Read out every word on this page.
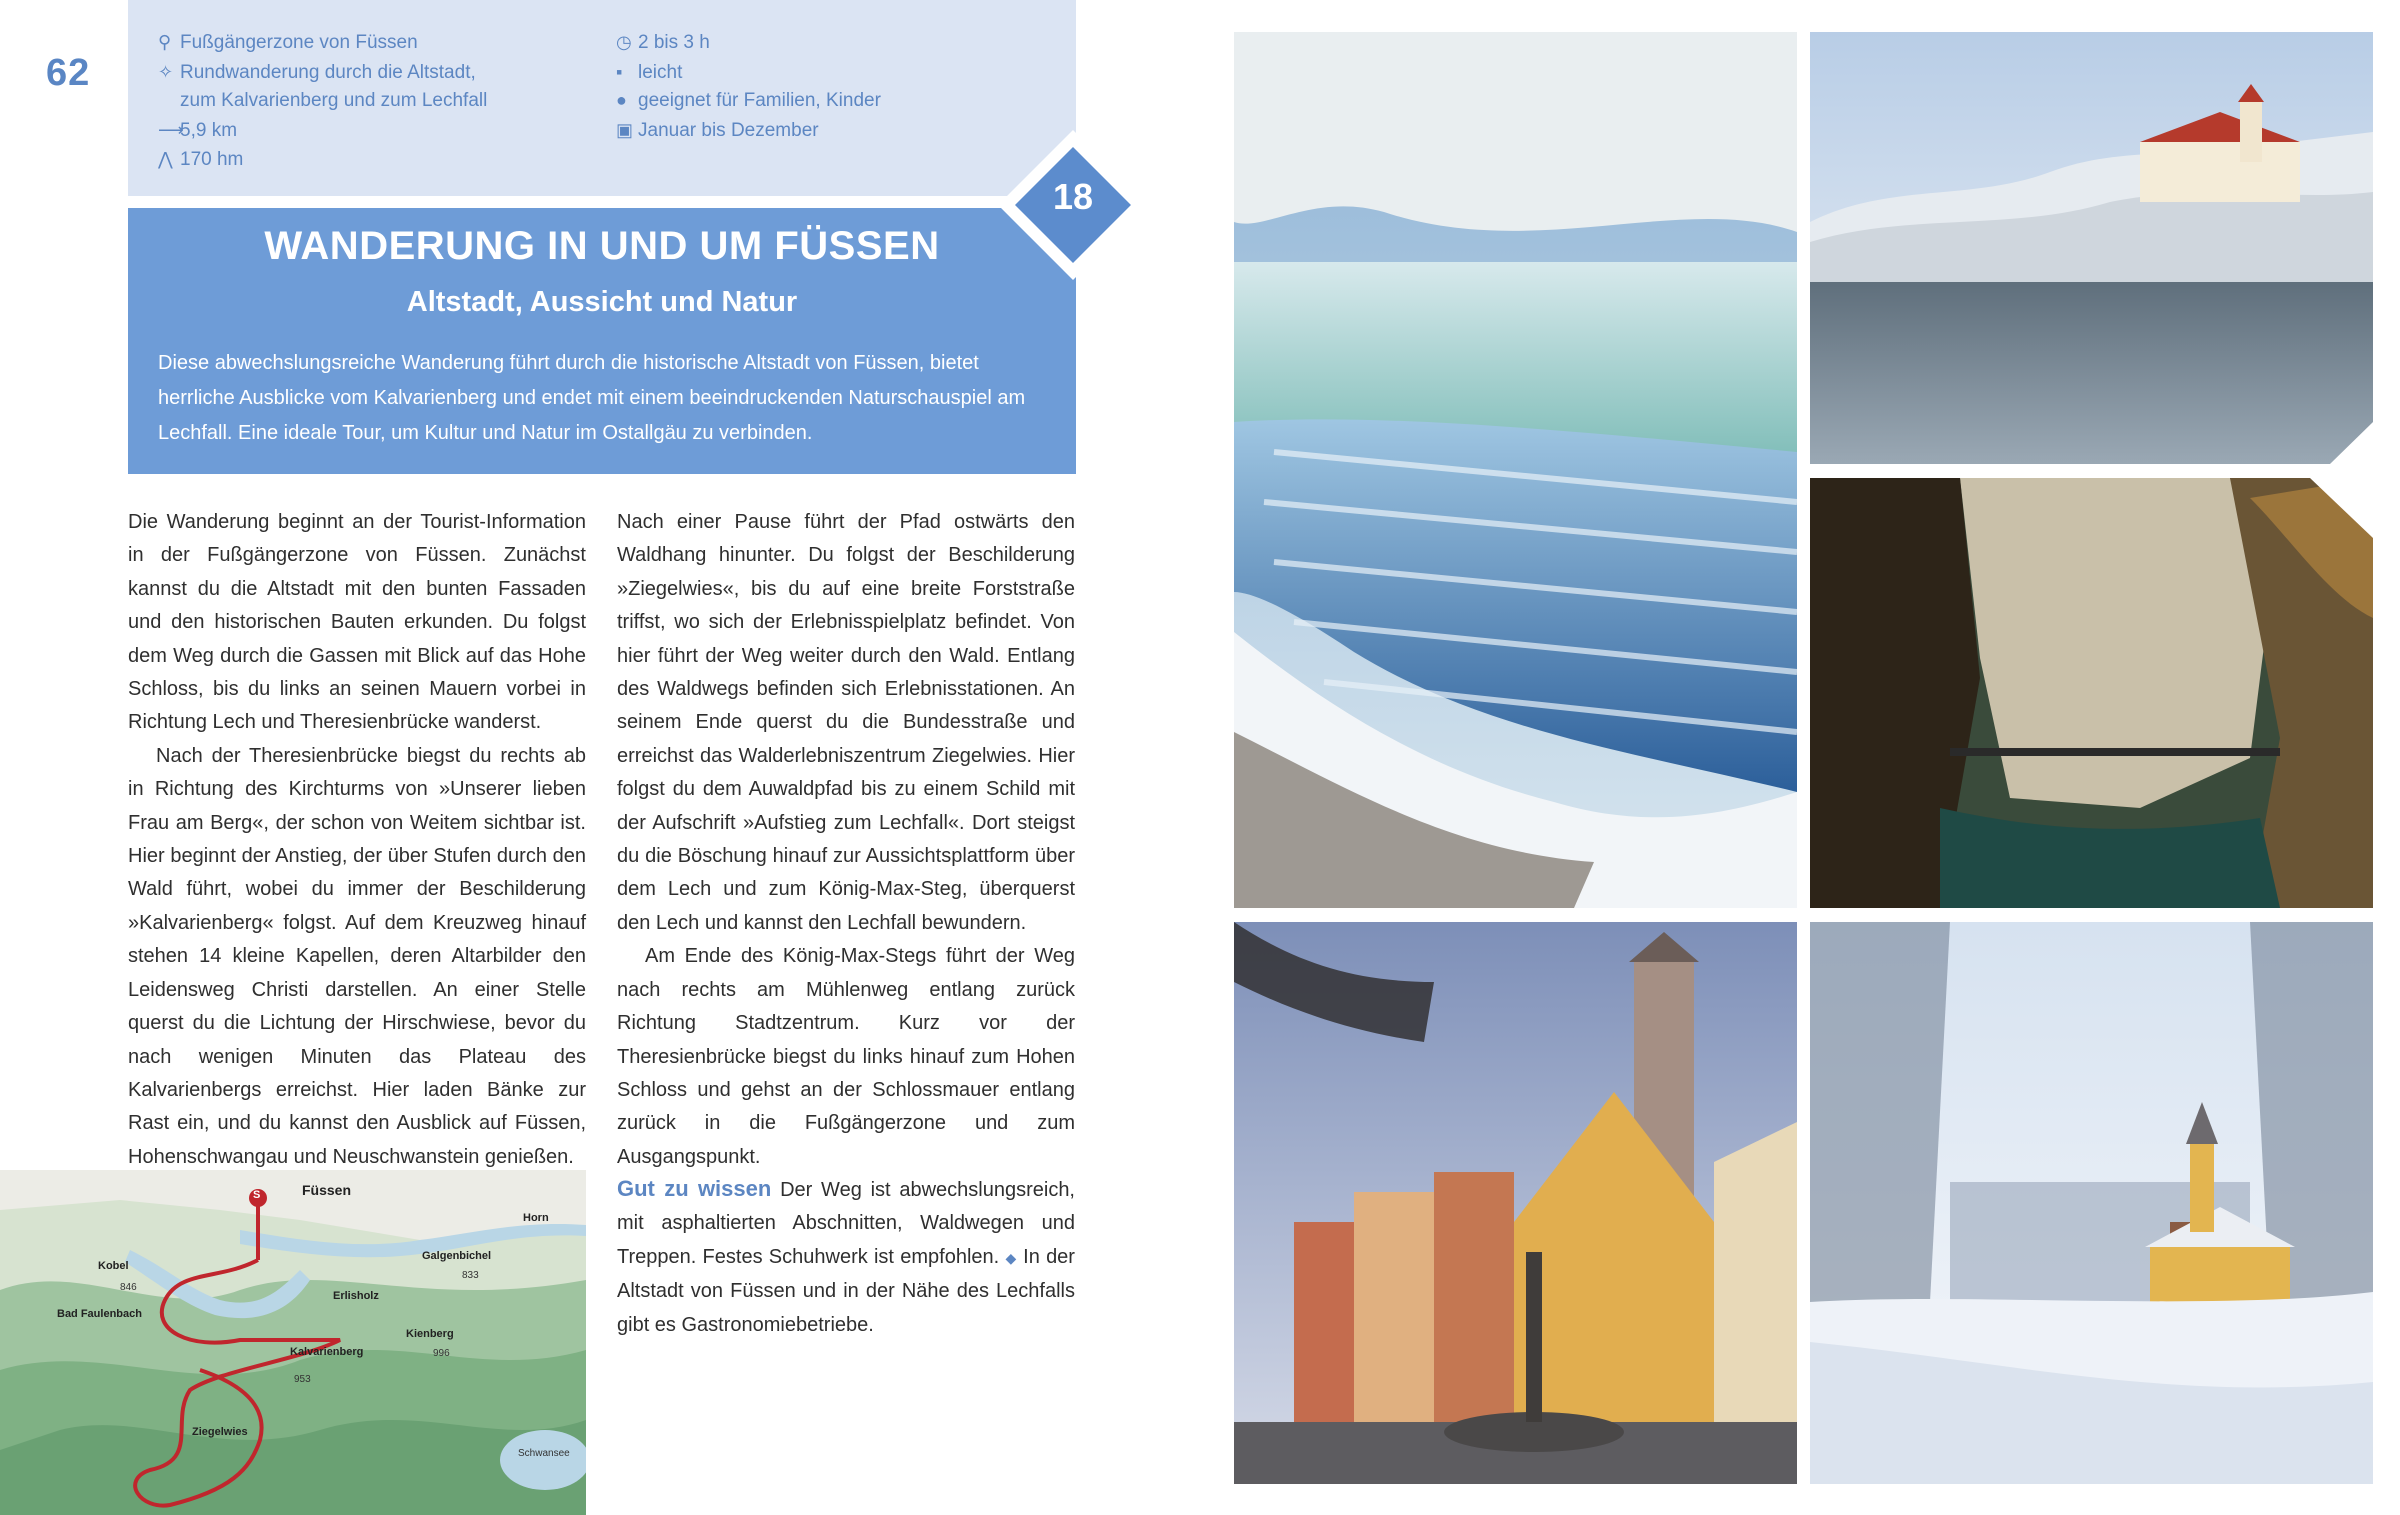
62
⚲ Fußgängerzone von Füssen
✧ Rundwanderung durch die Altstadt,
zum Kalvarienberg und zum Lechfall
⟶5,9 km
⋀ 170 hm
◷ 2 bis 3 h
▪ leicht
● geeignet für Familien, Kinder
▣ Januar bis Dezember
WANDERUNG IN UND UM FÜSSEN
Altstadt, Aussicht und Natur
Diese abwechslungsreiche Wanderung führt durch die historische Altstadt von Füssen, bietet herrliche Ausblicke vom Kalvarienberg und endet mit einem beeindruckenden Naturschauspiel am Lechfall. Eine ideale Tour, um Kultur und Natur im Ostallgäu zu verbinden.
18

Die Wanderung beginnt an der Tourist-Information in der Fußgängerzone von Füssen. Zunächst kannst du die Altstadt mit den bunten Fassaden und den historischen Bauten erkunden. Du folgst dem Weg durch die Gassen mit Blick auf das Hohe Schloss, bis du links an seinen Mauern vorbei in Richtung Lech und Theresienbrücke wanderst.

Nach der Theresienbrücke biegst du rechts ab in Richtung des Kirchturms von »Unserer lieben Frau am Berg«, der schon von Weitem sichtbar ist. Hier beginnt der Anstieg, der über Stufen durch den Wald führt, wobei du immer der Beschilderung »Kalvarienberg« folgst. Auf dem Kreuzweg hinauf stehen 14 kleine Kapellen, deren Altarbilder den Leidensweg Christi darstellen. An einer Stelle querst du die Lichtung der Hirschwiese, bevor du nach wenigen Minuten das Plateau des Kalvarienbergs erreichst. Hier laden Bänke zur Rast ein, und du kannst den Ausblick auf Füssen, Hohenschwangau und Neuschwanstein genießen.

Nach einer Pause führt der Pfad ostwärts den Waldhang hinunter. Du folgst der Beschilderung »Ziegelwies«, bis du auf eine breite Forststraße triffst, wo sich der Erlebnisspielplatz befindet. Von hier führt der Weg weiter durch den Wald. Entlang des Waldwegs befinden sich Erlebnisstationen. An seinem Ende querst du die Bundesstraße und erreichst das Walderlebniszentrum Ziegelwies. Hier folgst du dem Auwaldpfad bis zu einem Schild mit der Aufschrift »Aufstieg zum Lechfall«. Dort steigst du die Böschung hinauf zur Aussichtsplattform über dem Lech und zum König-Max-Steg, überquerst den Lech und kannst den Lechfall bewundern.

Am Ende des König-Max-Stegs führt der Weg nach rechts am Mühlenweg entlang zurück Richtung Stadtzentrum. Kurz vor der Theresienbrücke biegst du links hinauf zum Hohen Schloss und gehst an der Schlossmauer entlang zurück in die Fußgängerzone und zum Ausgangspunkt.

Gut zu wissen Der Weg ist abwechslungsreich, mit asphaltierten Abschnitten, Waldwegen und Treppen. Festes Schuhwerk ist empfohlen. ◆ In der Altstadt von Füssen und in der Nähe des Lechfalls gibt es Gastronomiebetriebe.

S	Füssen
Horn
Kobel
846
Galgenbichel
833
Bad Faulenbach
Erlisholz
Kienberg
996
Kalvarienberg
953
Ziegelwies
Schwansee
